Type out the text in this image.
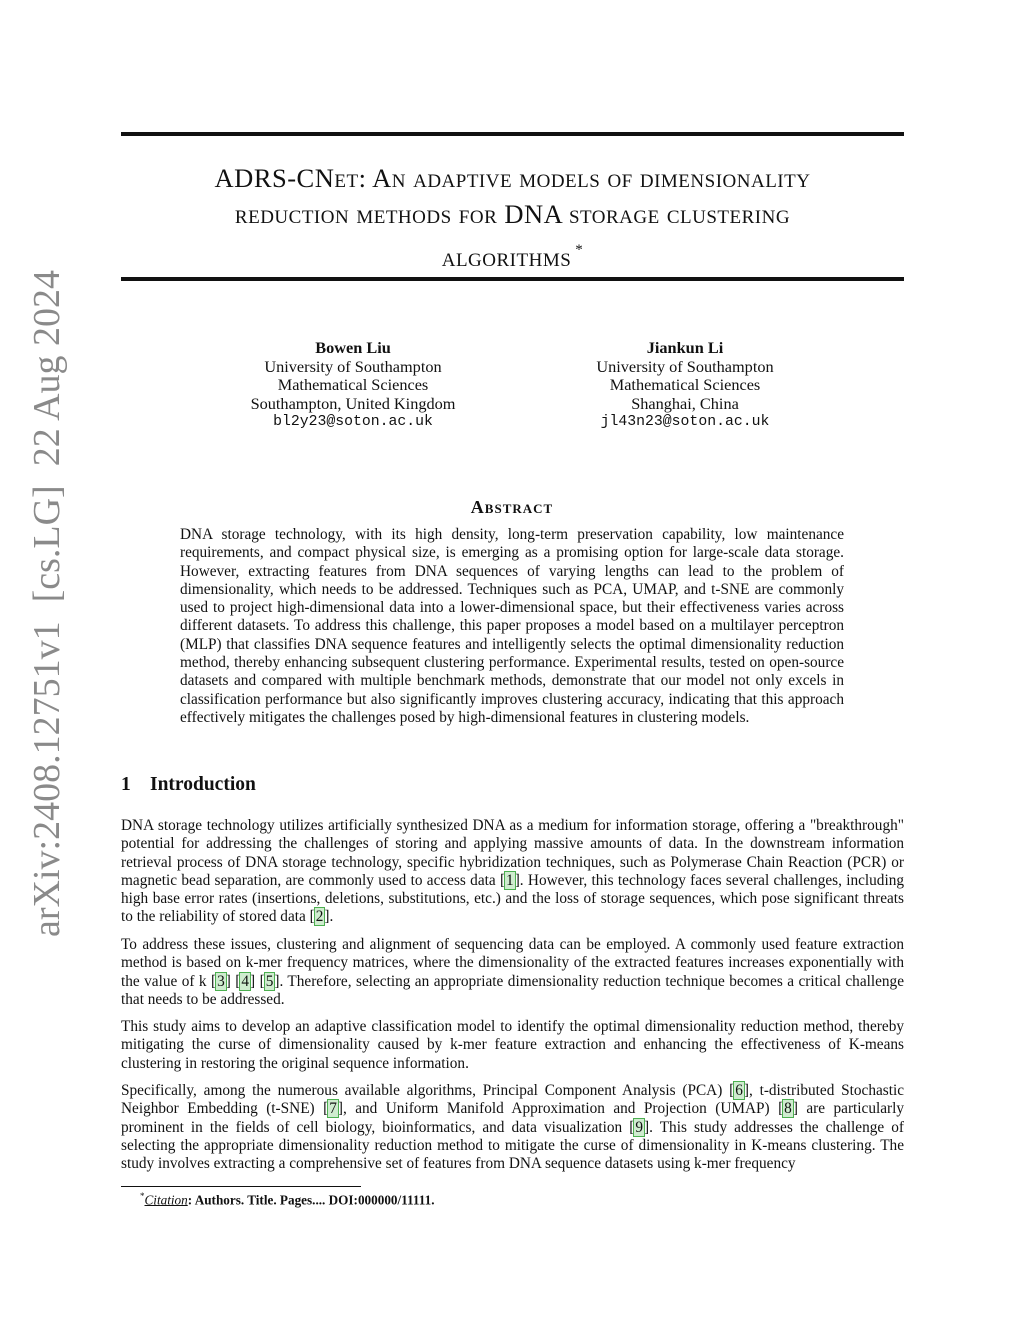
arXiv:2408.12751v1  [cs.LG]  22 Aug 2024
ADRS-CNet: An adaptive models of dimensionality
reduction methods for DNA storage clustering
algorithms *
Bowen Liu
University of Southampton
Mathematical Sciences
Southampton, United Kingdom
bl2y23@soton.ac.uk
Jiankun Li
University of Southampton
Mathematical Sciences
Shanghai, China
jl43n23@soton.ac.uk
Abstract
DNA storage technology, with its high density, long-term preservation capability, low maintenance requirements, and compact physical size, is emerging as a promising option for large-scale data storage. However, extracting features from DNA sequences of varying lengths can lead to the problem of dimensionality, which needs to be addressed. Techniques such as PCA, UMAP, and t-SNE are commonly used to project high-dimensional data into a lower-dimensional space, but their effectiveness varies across different datasets. To address this challenge, this paper proposes a model based on a multilayer perceptron (MLP) that classifies DNA sequence features and intelligently selects the optimal dimensionality reduction method, thereby enhancing subsequent clustering performance. Experimental results, tested on open-source datasets and compared with multiple benchmark methods, demonstrate that our model not only excels in classification performance but also significantly improves clustering accuracy, indicating that this approach effectively mitigates the challenges posed by high-dimensional features in clustering models.
1 Introduction
DNA storage technology utilizes artificially synthesized DNA as a medium for information storage, offering a "breakthrough" potential for addressing the challenges of storing and applying massive amounts of data. In the downstream information retrieval process of DNA storage technology, specific hybridization techniques, such as Polymerase Chain Reaction (PCR) or magnetic bead separation, are commonly used to access data [1]. However, this technology faces several challenges, including high base error rates (insertions, deletions, substitutions, etc.) and the loss of storage sequences, which pose significant threats to the reliability of stored data [2].
To address these issues, clustering and alignment of sequencing data can be employed. A commonly used feature extraction method is based on k-mer frequency matrices, where the dimensionality of the extracted features increases exponentially with the value of k [3] [4] [5]. Therefore, selecting an appropriate dimensionality reduction technique becomes a critical challenge that needs to be addressed.
This study aims to develop an adaptive classification model to identify the optimal dimensionality reduction method, thereby mitigating the curse of dimensionality caused by k-mer feature extraction and enhancing the effectiveness of K-means clustering in restoring the original sequence information.
Specifically, among the numerous available algorithms, Principal Component Analysis (PCA) [6], t-distributed Stochastic Neighbor Embedding (t-SNE) [7], and Uniform Manifold Approximation and Projection (UMAP) [8] are particularly prominent in the fields of cell biology, bioinformatics, and data visualization [9]. This study addresses the challenge of selecting the appropriate dimensionality reduction method to mitigate the curse of dimensionality in K-means clustering. The study involves extracting a comprehensive set of features from DNA sequence datasets using k-mer frequency
*Citation: Authors. Title. Pages.... DOI:000000/11111.
